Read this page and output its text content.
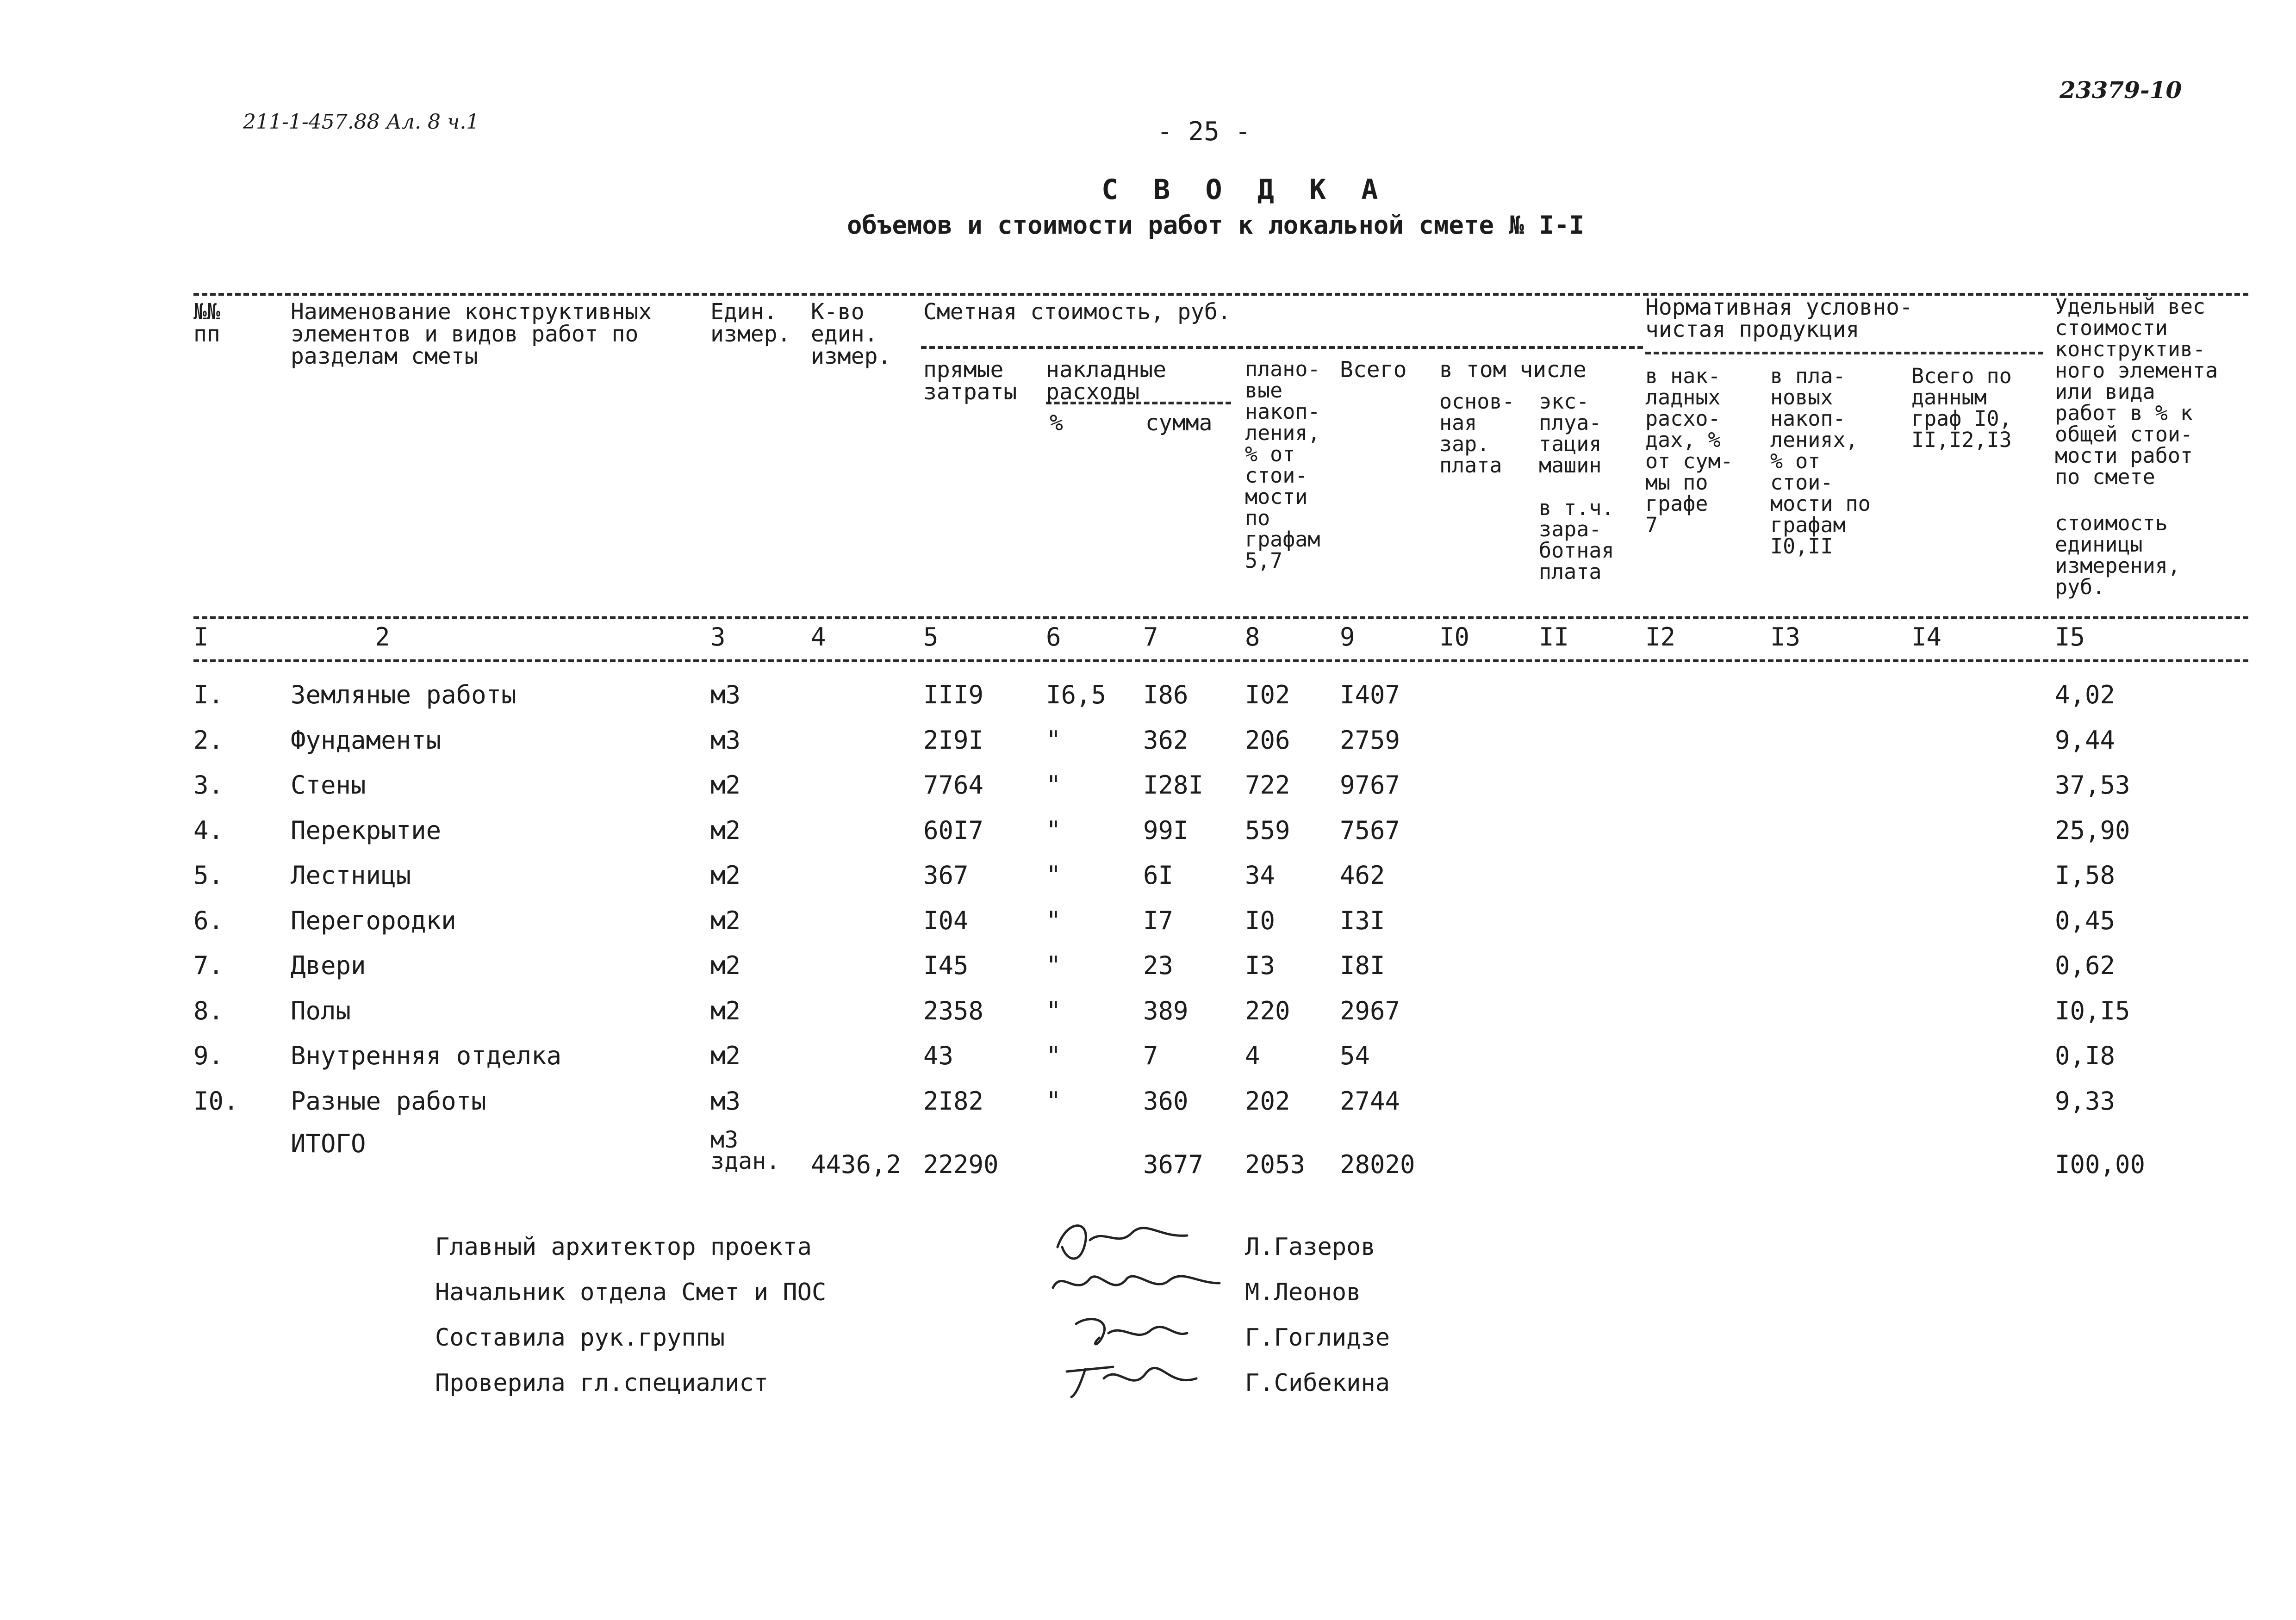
211-1-457.88 Ал. 8 ч.1
23379-10
- 25 -
С В О Д К А
объемов и стоимости работ к локальной смете № I-I
№№
пп
Наименование конструктивных
элементов и видов работ по
разделам сметы
Един.
измер.
К-во
един.
измер.
Сметная стоимость, руб.
прямые
затраты
накладные
расходы
%	сумма
плано-
вые
накоп-
ления,
% от
стои-
мости
по
графам
5,7
Всего в том числе
основ-
ная
зар.
плата
экс-
плуа-
тация
машин
в т.ч.
зара-
ботная
плата
Нормативная условно-
чистая продукция
в нак-
ладных
расхо-
дах, %
от сум-
мы по
графе
7
в пла-
новых
накоп-
лениях,
% от
стои-
мости по
графам
I0,II
Всего по
данным
граф I0,
II,I2,I3
Удельный вес
стоимости
конструктив-
ного элемента
или вида
работ в % к
общей стои-
мости работ
по смете
стоимость
единицы
измерения,
руб.
I	2	3	4	5	6	7	8	9	I0	II	I2	I3	I4	I5
I.	Земляные работы	м3	III9 I6,5 I86 I02 I407	4,02
2.	Фундаменты	м3	2I9I "	362 206 2759	9,44
3.	Стены	м2	7764 "	I28I 722 9767	37,53
4.	Перекрытие	м2	60I7 "	99I 559 7567	25,90
5.	Лестницы	м2	367	"	6I	34	462	I,58
6.	Перегородки	м2	I04	"	I7	I0	I3I	0,45
7.	Двери	м2	I45	"	23	I3	I8I	0,62
8.	Полы	м2	2358 "	389 220 2967	I0,I5
9.	Внутренняя отделка	м2	43	"	7	4	54	0,I8
I0. Разные работы	м3	2I82 "	360 202 2744	9,33
ИТОГО	м3
здан. 4436,2 22290	3677 2053 28020	I00,00
Главный архитектор проекта	Л.Газеров
Начальник отдела Смет и ПОС	М.Леонов
Составила рук.группы	Г.Гоглидзе
Проверила гл.специалист	Г.Сибекина
